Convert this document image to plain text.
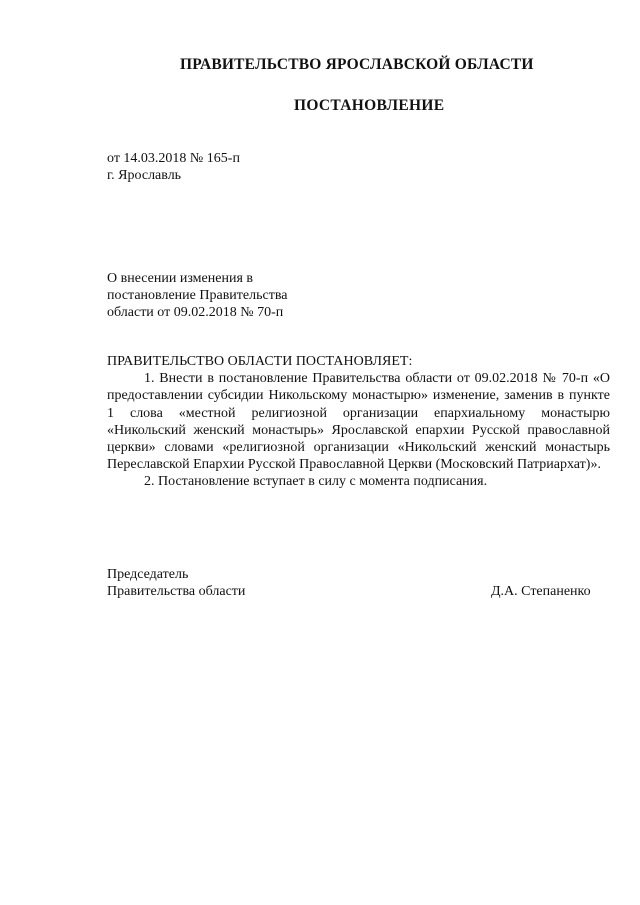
ПРАВИТЕЛЬСТВО ЯРОСЛАВСКОЙ ОБЛАСТИ
ПОСТАНОВЛЕНИЕ
от 14.03.2018 № 165-п
г. Ярославль
О внесении изменения в
постановление Правительства
области от 09.02.2018 № 70-п

ПРАВИТЕЛЬСТВО ОБЛАСТИ ПОСТАНОВЛЯЕТ:

1. Внести в постановление Правительства области от 09.02.2018 № 70-п «О предоставлении субсидии Никольскому монастырю» изменение, заменив в пункте 1 слова «местной религиозной организации епархиальному монастырю «Никольский женский монастырь» Ярославской епархии Русской православной церкви» словами «религиозной организации «Никольский женский монастырь Переславской Епархии Русской Православной Церкви (Московский Патриархат)».

2. Постановление вступает в силу с момента подписания.

Председатель
Правительства области	Д.А. Степаненко
